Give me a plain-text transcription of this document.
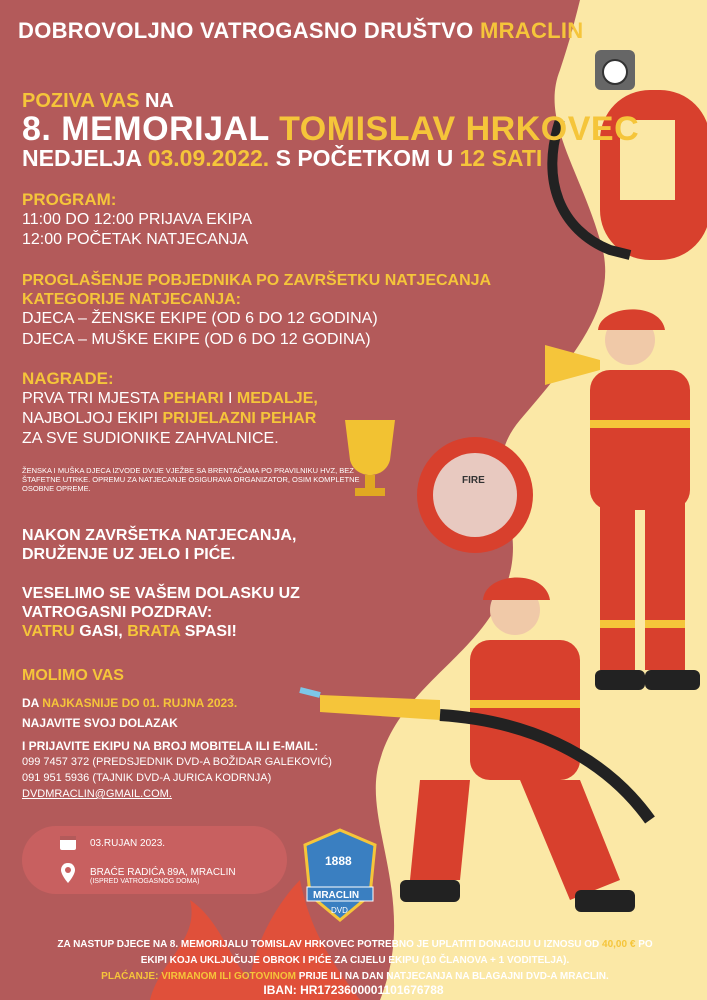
FIRE
DOBROVOLJNO VATROGASNO DRUŠTVO MRACLIN
POZIVA VAS NA
8. MEMORIJAL TOMISLAV HRKOVEC
NEDJELJA 03.09.2022. S POČETKOM U 12 SATI
PROGRAM:
11:00 DO 12:00 PRIJAVA EKIPA
12:00 POČETAK NATJECANJA
PROGLAŠENJE POBJEDNIKA PO ZAVRŠETKU NATJECANJA
KATEGORIJE NATJECANJA:
DJECA – ŽENSKE EKIPE (OD 6 DO 12 GODINA)
DJECA – MUŠKE EKIPE (OD 6 DO 12 GODINA)
NAGRADE:
PRVA TRI MJESTA PEHARI I MEDALJE,
NAJBOLJOJ EKIPI PRIJELAZNI PEHAR
ZA SVE SUDIONIKE ZAHVALNICE.
ŽENSKA I MUŠKA DJECA IZVODE DVIJE VJEŽBE SA BRENTAČAMA PO PRAVILNIKU HVZ, BEZ ŠTAFETNE UTRKE. OPREMU ZA NATJECANJE OSIGURAVA ORGANIZATOR, OSIM KOMPLETNE OSOBNE OPREME.
NAKON ZAVRŠETKA NATJECANJA,
DRUŽENJE UZ JELO I PIĆE.
VESELIMO SE VAŠEM DOLASKU UZ
VATROGASNI POZDRAV:
VATRU GASI, BRATA SPASI!
MOLIMO VAS
DA NAJKASNIJE DO 01. RUJNA 2023.
NAJAVITE SVOJ DOLAZAK
I PRIJAVITE EKIPU NA BROJ MOBITELA ILI E-MAIL:
099 7457 372 (PREDSJEDNIK DVD-A BOŽIDAR GALEKOVIĆ)
091 951 5936 (TAJNIK DVD-A JURICA KODRNJA)
DVDMRACLIN@GMAIL.COM.
03.RUJAN 2023.
BRAĆE RADIĆA 89A, MRACLIN
(ISPRED VATROGASNOG DOMA)
1888
MRACLIN
DVD
ZA NASTUP DJECE NA 8. MEMORIJALU TOMISLAV HRKOVEC POTREBNO JE UPLATITI DONACIJU U IZNOSU OD 40,00 € PO
EKIPI KOJA UKLJUČUJE OBROK I PIĆE ZA CIJELU EKIPU (10 ČLANOVA + 1 VODITELJA).
PLAĆANJE: VIRMANOM ILI GOTOVINOM PRIJE ILI NA DAN NATJECANJA NA BLAGAJNI DVD-A MRACLIN.
IBAN: HR1723600001101676788
